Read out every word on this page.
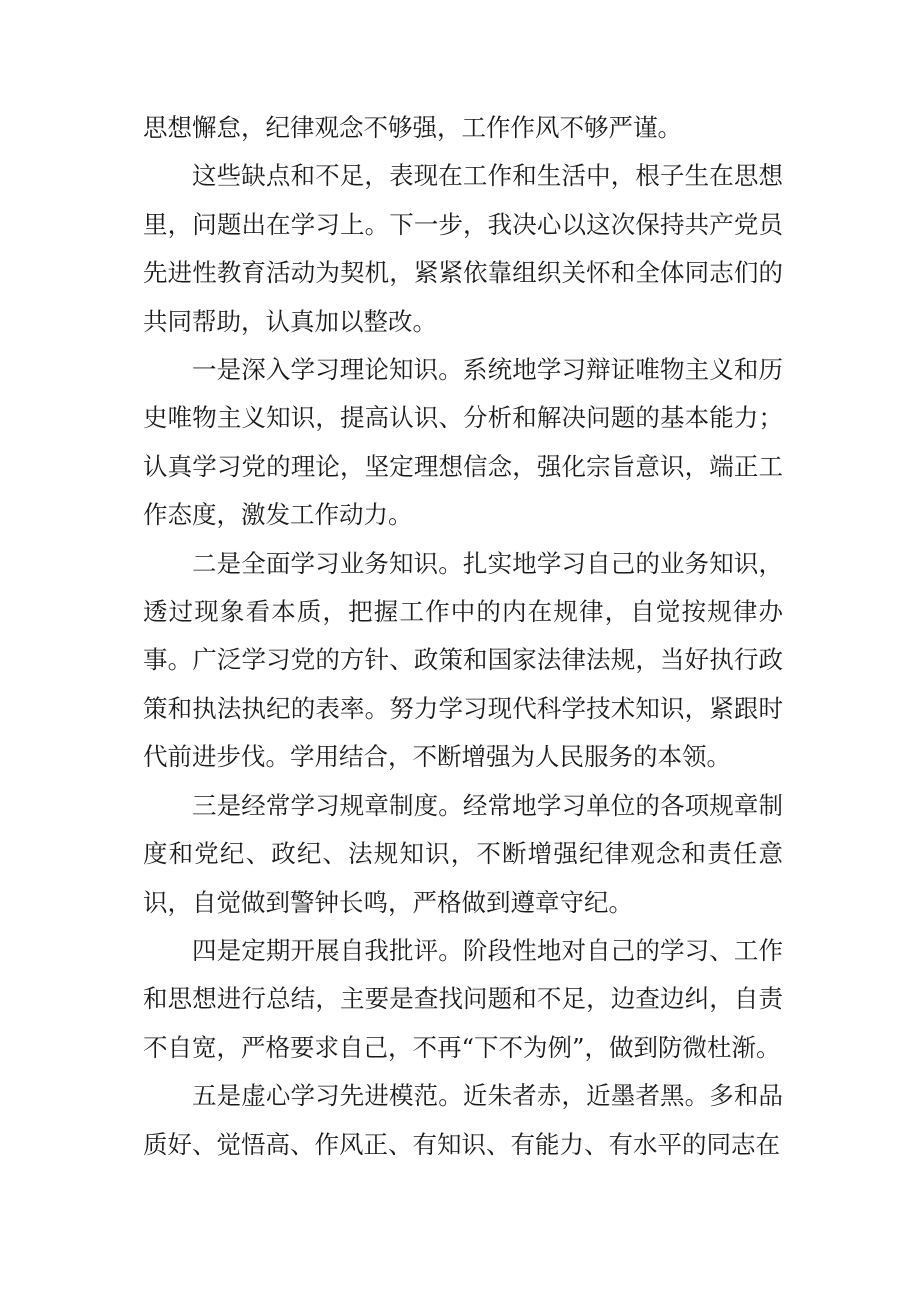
思想懈怠，纪律观念不够强，工作作风不够严谨。

这些缺点和不足，表现在工作和生活中，根子生在思想里，问题出在学习上。下一步，我决心以这次保持共产党员先进性教育活动为契机，紧紧依靠组织关怀和全体同志们的共同帮助，认真加以整改。

一是深入学习理论知识。系统地学习辩证唯物主义和历史唯物主义知识，提高认识、分析和解决问题的基本能力；认真学习党的理论，坚定理想信念，强化宗旨意识，端正工作态度，激发工作动力。

二是全面学习业务知识。扎实地学习自己的业务知识，透过现象看本质，把握工作中的内在规律，自觉按规律办事。广泛学习党的方针、政策和国家法律法规，当好执行政策和执法执纪的表率。努力学习现代科学技术知识，紧跟时代前进步伐。学用结合，不断增强为人民服务的本领。

三是经常学习规章制度。经常地学习单位的各项规章制度和党纪、政纪、法规知识，不断增强纪律观念和责任意识，自觉做到警钟长鸣，严格做到遵章守纪。

四是定期开展自我批评。阶段性地对自己的学习、工作和思想进行总结，主要是查找问题和不足，边查边纠，自责不自宽，严格要求自己，不再“下不为例”，做到防微杜渐。

五是虚心学习先进模范。近朱者赤，近墨者黑。多和品质好、觉悟高、作风正、有知识、有能力、有水平的同志在
